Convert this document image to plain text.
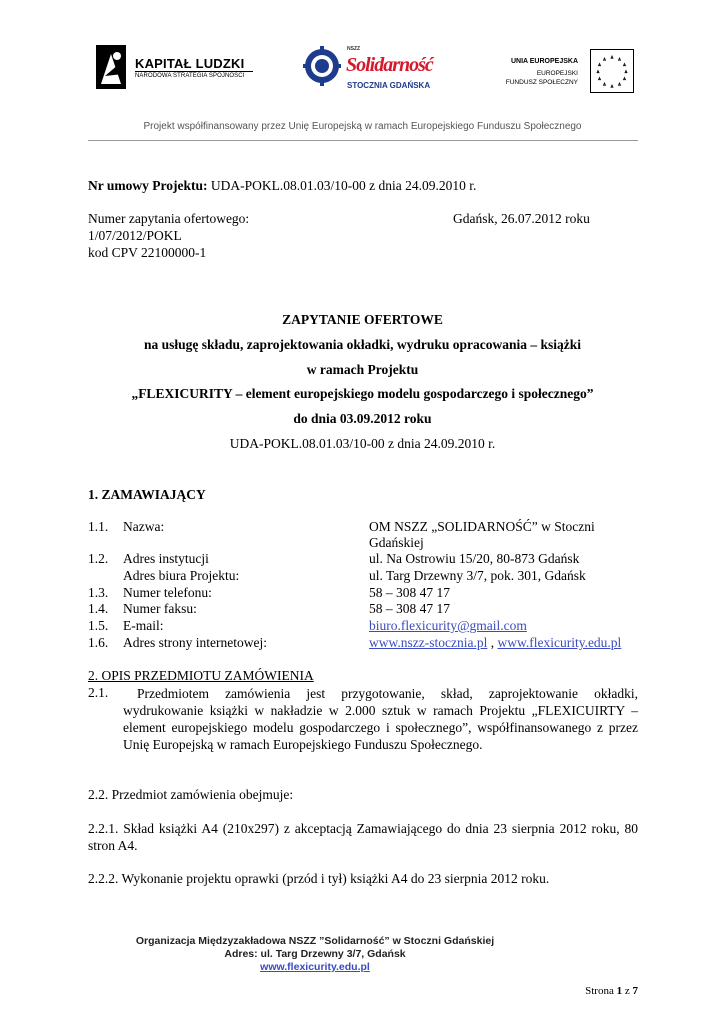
KAPITAŁ LUDZKI
NARODOWA STRATEGIA SPÓJNOŚCI
NSZZ
Solidarność
STOCZNIA GDAŃSKA
UNIA EUROPEJSKA
EUROPEJSKI
FUNDUSZ SPOŁECZNY
Projekt współfinansowany przez Unię Europejską w ramach Europejskiego Funduszu Społecznego
Nr umowy Projektu: UDA-POKL.08.01.03/10-00 z dnia 24.09.2010 r.
Numer zapytania ofertowego:	Gdańsk, 26.07.2012 roku
1/07/2012/POKL
kod CPV 22100000-1
ZAPYTANIE OFERTOWE
na usługę składu, zaprojektowania okładki, wydruku opracowania – książki
w ramach Projektu
„FLEXICURITY – element europejskiego modelu gospodarczego i społecznego”
do dnia 03.09.2012 roku
UDA-POKL.08.01.03/10-00 z dnia 24.09.2010 r.
1. ZAMAWIAJĄCY
1.1. Nazwa:	OM NSZZ „SOLIDARNOŚĆ” w Stoczni
Gdańskiej
1.2. Adres instytucji	ul. Na Ostrowiu 15/20, 80-873 Gdańsk
Adres biura Projektu:	ul. Targ Drzewny 3/7, pok. 301, Gdańsk
1.3. Numer telefonu:	58 – 308 47 17
1.4. Numer faksu:	58 – 308 47 17
1.5. E-mail:	biuro.flexicurity@gmail.com
1.6. Adres strony internetowej:	www.nszz-stocznia.pl , www.flexicurity.edu.pl
2. OPIS PRZEDMIOTU ZAMÓWIENIA
2.1.	Przedmiotem zamówienia jest przygotowanie, skład, zaprojektowanie okładki, wydrukowanie książki w nakładzie w 2.000 sztuk w ramach Projektu „FLEXICUIRTY – element europejskiego modelu gospodarczego i społecznego”, współfinansowanego z przez Unię Europejską w ramach Europejskiego Funduszu Społecznego.
2.2. Przedmiot zamówienia obejmuje:
2.2.1. Skład książki A4 (210x297) z akceptacją Zamawiającego do dnia 23 sierpnia 2012 roku, 80 stron A4.
2.2.2. Wykonanie projektu oprawki (przód i tył) książki A4 do 23 sierpnia 2012 roku.
Organizacja Międzyzakładowa NSZZ ”Solidarność” w Stoczni Gdańskiej
Adres: ul. Targ Drzewny 3/7, Gdańsk
www.flexicurity.edu.pl
Strona 1 z 7
